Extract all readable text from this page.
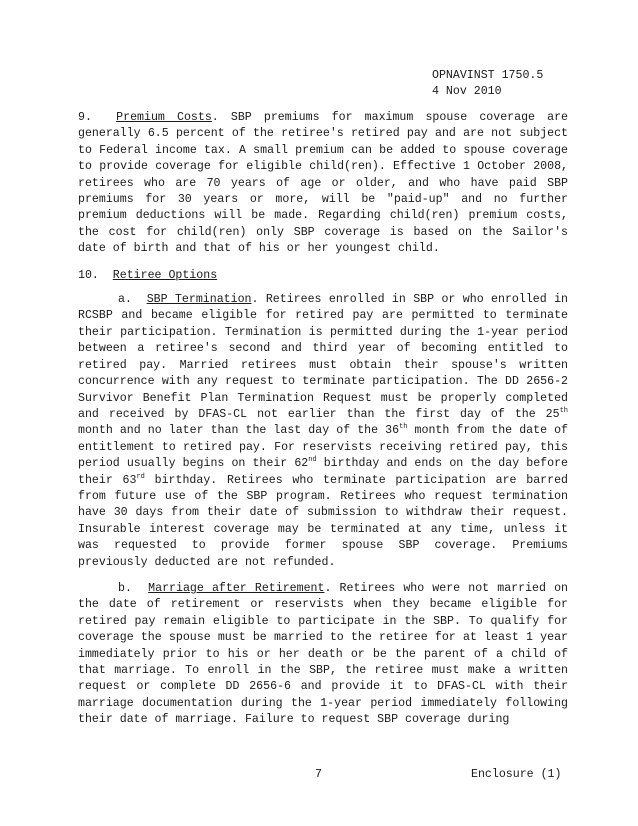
OPNAVINST 1750.5
4 Nov 2010

9. Premium Costs. SBP premiums for maximum spouse coverage are generally 6.5 percent of the retiree's retired pay and are not subject to Federal income tax. A small premium can be added to spouse coverage to provide coverage for eligible child(ren). Effective 1 October 2008, retirees who are 70 years of age or older, and who have paid SBP premiums for 30 years or more, will be "paid-up" and no further premium deductions will be made. Regarding child(ren) premium costs, the cost for child(ren) only SBP coverage is based on the Sailor's date of birth and that of his or her youngest child.

10. Retiree Options

a. SBP Termination. Retirees enrolled in SBP or who enrolled in RCSBP and became eligible for retired pay are permitted to terminate their participation. Termination is permitted during the 1-year period between a retiree's second and third year of becoming entitled to retired pay. Married retirees must obtain their spouse's written concurrence with any request to terminate participation. The DD 2656-2 Survivor Benefit Plan Termination Request must be properly completed and received by DFAS-CL not earlier than the first day of the 25th month and no later than the last day of the 36th month from the date of entitlement to retired pay. For reservists receiving retired pay, this period usually begins on their 62nd birthday and ends on the day before their 63rd birthday. Retirees who terminate participation are barred from future use of the SBP program. Retirees who request termination have 30 days from their date of submission to withdraw their request. Insurable interest coverage may be terminated at any time, unless it was requested to provide former spouse SBP coverage. Premiums previously deducted are not refunded.

b. Marriage after Retirement. Retirees who were not married on the date of retirement or reservists when they became eligible for retired pay remain eligible to participate in the SBP. To qualify for coverage the spouse must be married to the retiree for at least 1 year immediately prior to his or her death or be the parent of a child of that marriage. To enroll in the SBP, the retiree must make a written request or complete DD 2656-6 and provide it to DFAS-CL with their marriage documentation during the 1-year period immediately following their date of marriage. Failure to request SBP coverage during

7	Enclosure (1)
